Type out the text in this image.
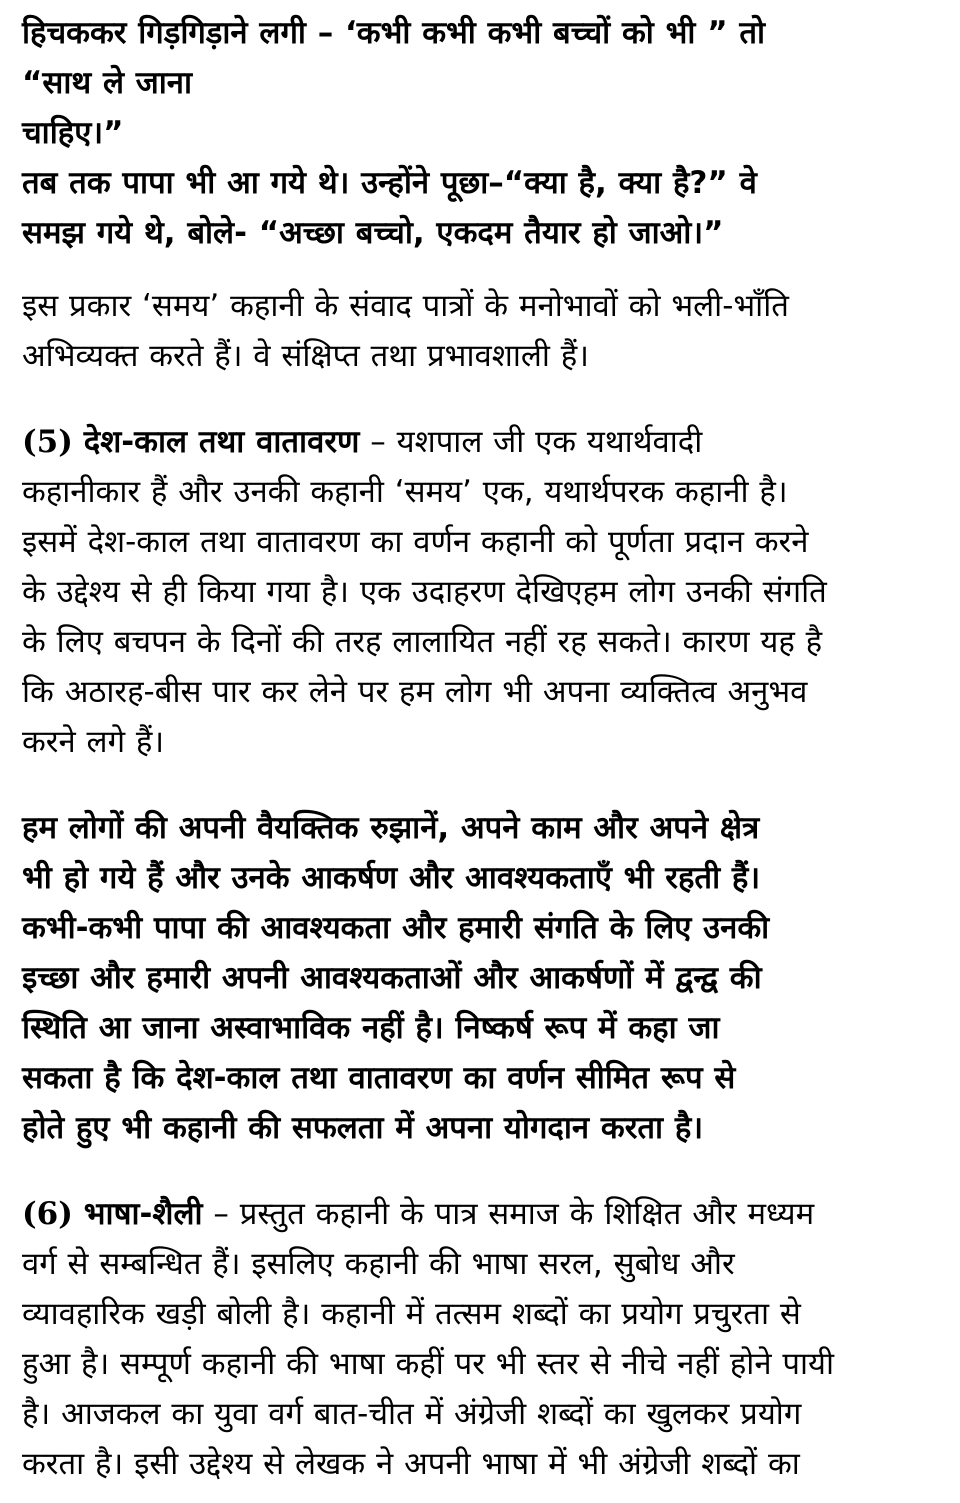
हिचककर गिड़गिड़ाने लगी – ‘कभी कभी कभी बच्चों को भी ” तो
“साथ ले जाना
चाहिए।”
तब तक पापा भी आ गये थे। उन्होंने पूछा–“क्या है, क्या है?” वे
समझ गये थे, बोले- “अच्छा बच्चो, एकदम तैयार हो जाओ।”

इस प्रकार ‘समय’ कहानी के संवाद पात्रों के मनोभावों को भली-भाँति
अभिव्यक्त करते हैं। वे संक्षिप्त तथा प्रभावशाली हैं।

(5) देश-काल तथा वातावरण – यशपाल जी एक यथार्थवादी
कहानीकार हैं और उनकी कहानी ‘समय’ एक, यथार्थपरक कहानी है।
इसमें देश-काल तथा वातावरण का वर्णन कहानी को पूर्णता प्रदान करने
के उद्देश्य से ही किया गया है। एक उदाहरण देखिएहम लोग उनकी संगति
के लिए बचपन के दिनों की तरह लालायित नहीं रह सकते। कारण यह है
कि अठारह-बीस पार कर लेने पर हम लोग भी अपना व्यक्तित्व अनुभव
करने लगे हैं।

हम लोगों की अपनी वैयक्तिक रुझानें, अपने काम और अपने क्षेत्र
भी हो गये हैं और उनके आकर्षण और आवश्यकताएँ भी रहती हैं।
कभी-कभी पापा की आवश्यकता और हमारी संगति के लिए उनकी
इच्छा और हमारी अपनी आवश्यकताओं और आकर्षणों में द्वन्द्व की
स्थिति आ जाना अस्वाभाविक नहीं है। निष्कर्ष रूप में कहा जा
सकता है कि देश-काल तथा वातावरण का वर्णन सीमित रूप से
होते हुए भी कहानी की सफलता में अपना योगदान करता है।

(6) भाषा-शैली – प्रस्तुत कहानी के पात्र समाज के शिक्षित और मध्यम
वर्ग से सम्बन्धित हैं। इसलिए कहानी की भाषा सरल, सुबोध और
व्यावहारिक खड़ी बोली है। कहानी में तत्सम शब्दों का प्रयोग प्रचुरता से
हुआ है। सम्पूर्ण कहानी की भाषा कहीं पर भी स्तर से नीचे नहीं होने पायी
है। आजकल का युवा वर्ग बात-चीत में अंग्रेजी शब्दों का खुलकर प्रयोग
करता है। इसी उद्देश्य से लेखक ने अपनी भाषा में भी अंग्रेजी शब्दों का
